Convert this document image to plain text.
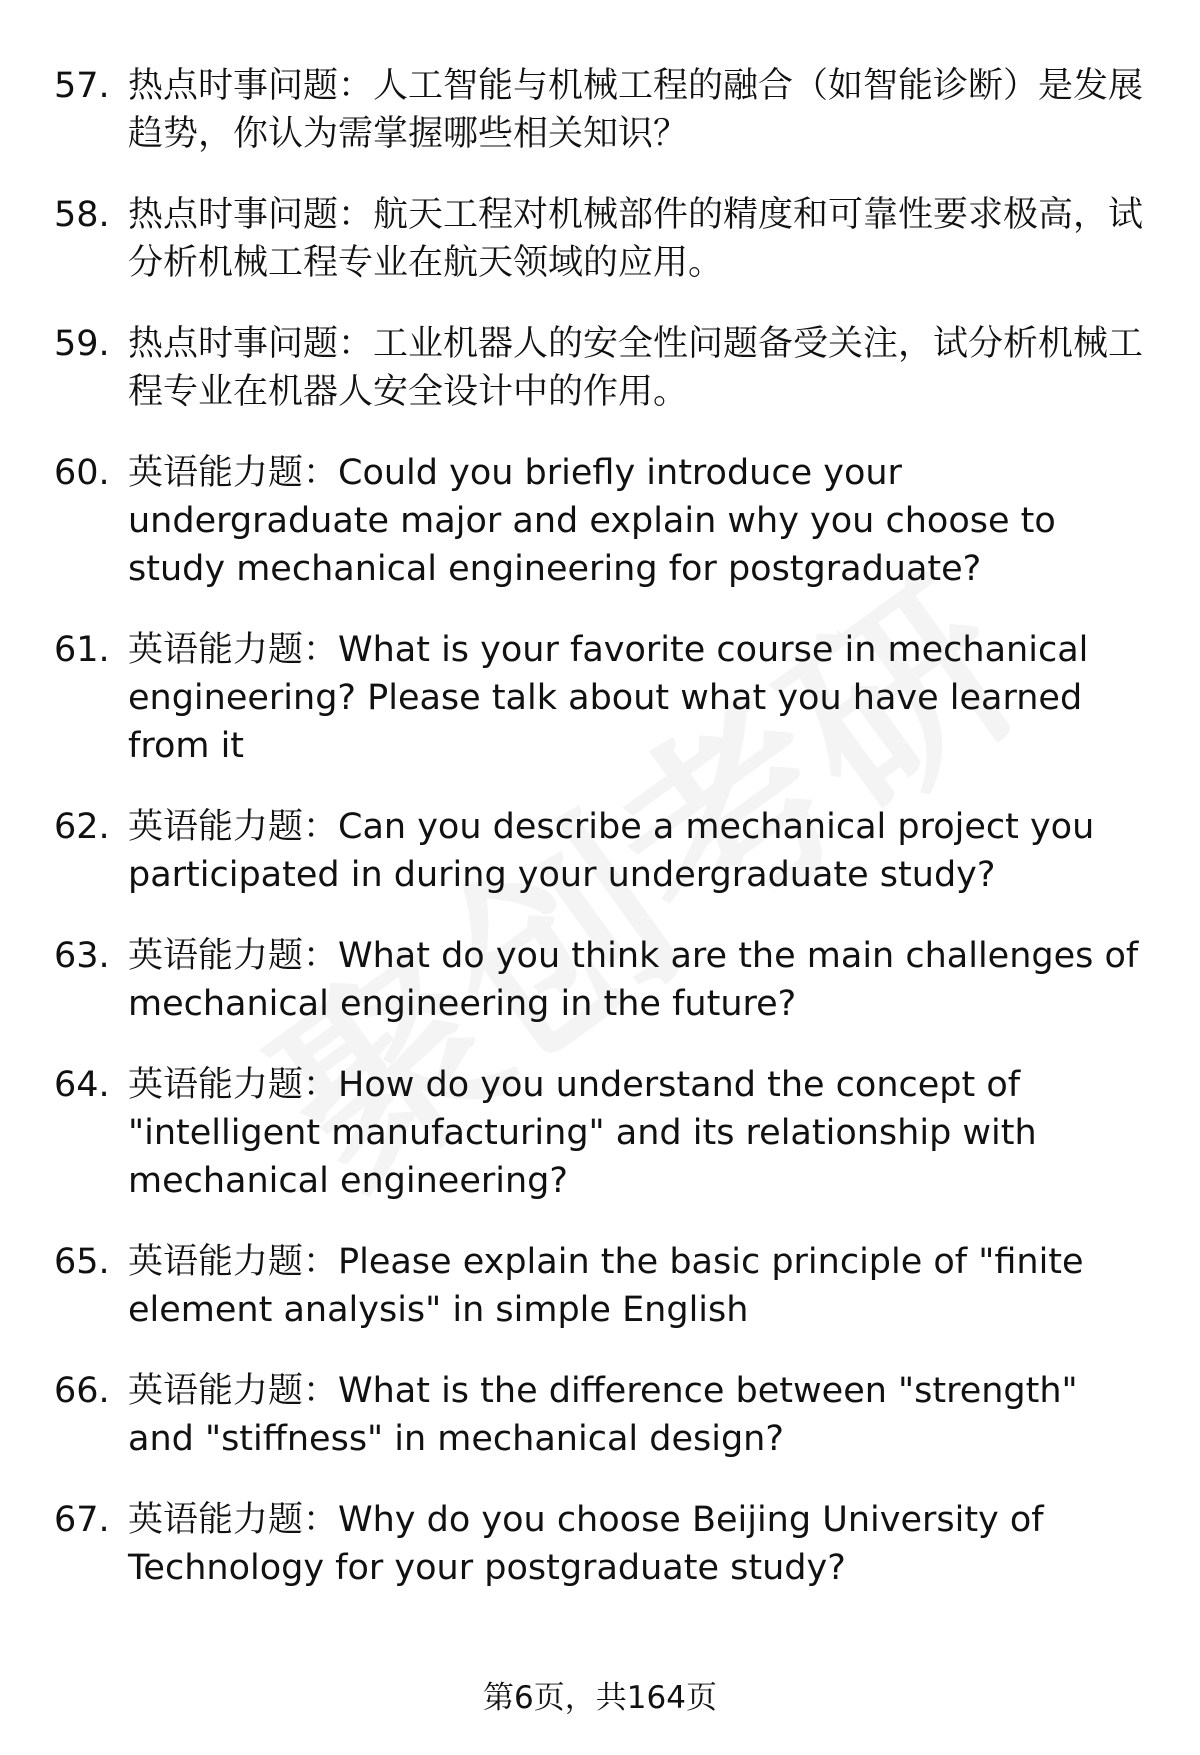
57. 热点时事问题：人工智能与机械工程的融合（如智能诊断）是发展趋势，你认为需掌握哪些相关知识？
58. 热点时事问题：航天工程对机械部件的精度和可靠性要求极高，试分析机械工程专业在航天领域的应用。
59. 热点时事问题：工业机器人的安全性问题备受关注，试分析机械工程专业在机器人安全设计中的作用。
60. 英语能力题：Could you briefly introduce your undergraduate major and explain why you choose to study mechanical engineering for postgraduate?
61. 英语能力题：What is your favorite course in mechanical engineering? Please talk about what you have learned from it
62. 英语能力题：Can you describe a mechanical project you participated in during your undergraduate study?
63. 英语能力题：What do you think are the main challenges of mechanical engineering in the future?
64. 英语能力题：How do you understand the concept of "intelligent manufacturing" and its relationship with mechanical engineering?
65. 英语能力题：Please explain the basic principle of "finite element analysis" in simple English
66. 英语能力题：What is the difference between "strength" and "stiffness" in mechanical design?
67. 英语能力题：Why do you choose Beijing University of Technology for your postgraduate study?
第6页，共164页
